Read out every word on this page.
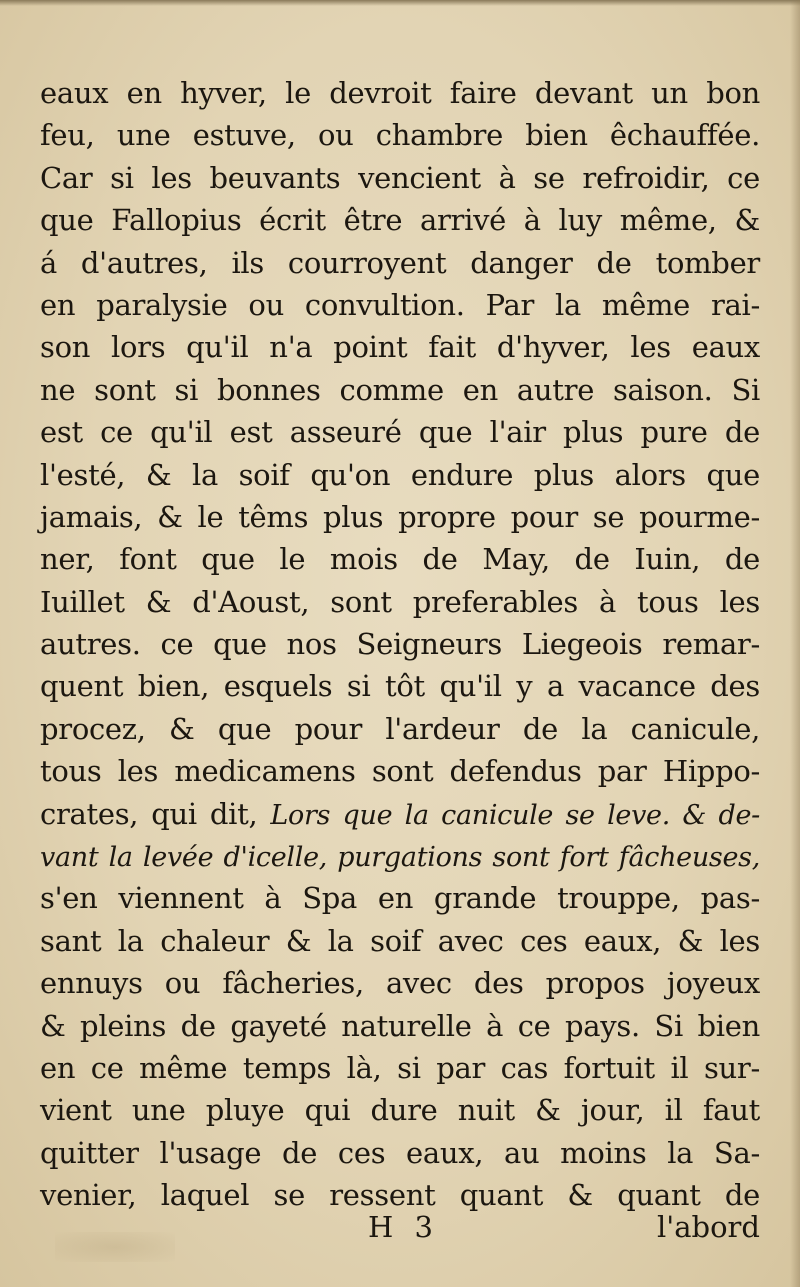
eaux en hyver, le devroit faire devant un bon
feu, une estuve, ou chambre bien êchauffée.
Car si les beuvants vencient à se refroidir, ce
que Fallopius écrit être arrivé à luy même, &
á d'autres, ils courroyent danger de tomber
en paralysie ou convultion. Par la même rai-
son lors qu'il n'a point fait d'hyver, les eaux
ne sont si bonnes comme en autre saison. Si
est ce qu'il est asseuré que l'air plus pure de
l'esté, & la soif qu'on endure plus alors que
jamais, & le têms plus propre pour se pourme-
ner, font que le mois de May, de Iuin, de
Iuillet & d'Aoust, sont preferables à tous les
autres. ce que nos Seigneurs Liegeois remar-
quent bien, esquels si tôt qu'il y a vacance des
procez, & que pour l'ardeur de la canicule,
tous les medicamens sont defendus par Hippo-
crates, qui dit, Lors que la canicule se leve. & de-
vant la levée d'icelle, purgations sont fort fâcheuses,
s'en viennent à Spa en grande trouppe, pas-
sant la chaleur & la soif avec ces eaux, & les
ennuys ou fâcheries, avec des propos joyeux
& pleins de gayeté naturelle à ce pays. Si bien
en ce même temps là, si par cas fortuit il sur-
vient une pluye qui dure nuit & jour, il faut
quitter l'usage de ces eaux, au moins la Sa-
venier, laquel se ressent quant & quant de
H 3	l'abord
